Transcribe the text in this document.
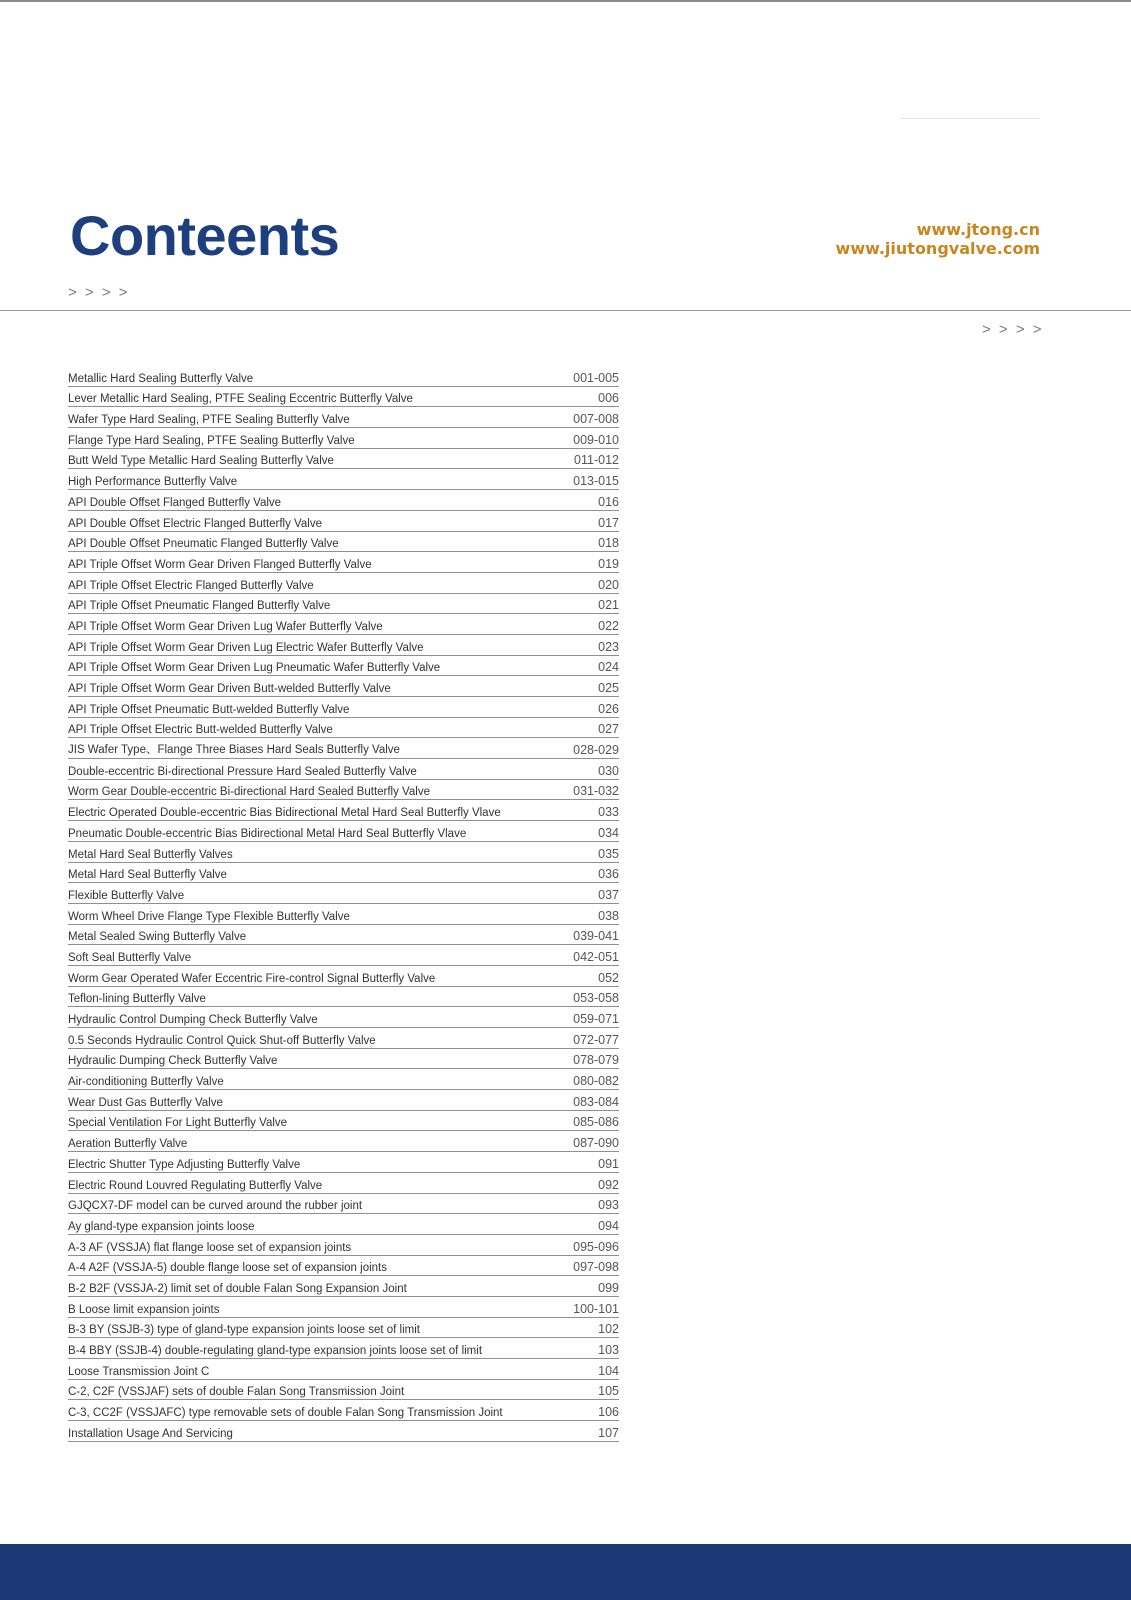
Conteents	www.jtong.cn
www.jiutongvalve.com
> > > >
> > > >
Metallic Hard Sealing Butterfly Valve	001-005
Lever Metallic Hard Sealing, PTFE Sealing Eccentric Butterfly Valve	006
Wafer Type Hard Sealing, PTFE Sealing Butterfly Valve	007-008
Flange Type Hard Sealing, PTFE Sealing Butterfly Valve	009-010
Butt Weld Type Metallic Hard Sealing Butterfly Valve	011-012
High Performance Butterfly Valve	013-015
API Double Offset Flanged Butterfly Valve	016
API Double Offset Electric Flanged Butterfly Valve	017
API Double Offset Pneumatic Flanged Butterfly Valve	018
API Triple Offset Worm Gear Driven Flanged Butterfly Valve	019
API Triple Offset Electric Flanged Butterfly Valve	020
API Triple Offset Pneumatic Flanged Butterfly Valve	021
API Triple Offset Worm Gear Driven Lug Wafer Butterfly Valve	022
API Triple Offset Worm Gear Driven Lug Electric Wafer Butterfly Valve	023
API Triple Offset Worm Gear Driven Lug Pneumatic Wafer Butterfly Valve	024
API Triple Offset Worm Gear Driven Butt-welded Butterfly Valve	025
API Triple Offset Pneumatic Butt-welded Butterfly Valve	026
API Triple Offset Electric Butt-welded Butterfly Valve	027
JIS Wafer Type、Flange Three Biases Hard Seals Butterfly Valve	028-029
Double-eccentric Bi-directional Pressure Hard Sealed Butterfly Valve	030
Worm Gear Double-eccentric Bi-directional Hard Sealed Butterfly Valve	031-032
Electric Operated Double-eccentric Bias Bidirectional Metal Hard Seal Butterfly Vlave	033
Pneumatic Double-eccentric Bias Bidirectional Metal Hard Seal Butterfly Vlave	034
Metal Hard Seal Butterfly Valves	035
Metal Hard Seal Butterfly Valve	036
Flexible Butterfly Valve	037
Worm Wheel Drive Flange Type Flexible Butterfly Valve	038
Metal Sealed Swing Butterfly Valve	039-041
Soft Seal Butterfly Valve	042-051
Worm Gear Operated Wafer Eccentric Fire-control Signal Butterfly Valve	052
Teflon-lining Butterfly Valve	053-058
Hydraulic Control Dumping Check Butterfly Valve	059-071
0.5 Seconds Hydraulic Control Quick Shut-off Butterfly Valve	072-077
Hydraulic Dumping Check Butterfly Valve	078-079
Air-conditioning Butterfly Valve	080-082
Wear Dust Gas Butterfly Valve	083-084
Special Ventilation For Light Butterfly Valve	085-086
Aeration Butterfly Valve	087-090
Electric Shutter Type Adjusting Butterfly Valve	091
Electric Round Louvred Regulating Butterfly Valve	092
GJQCX7-DF model can be curved around the rubber joint	093
Ay gland-type expansion joints loose	094
A-3 AF (VSSJA) flat flange loose set of expansion joints	095-096
A-4 A2F (VSSJA-5) double flange loose set of expansion joints	097-098
B-2 B2F (VSSJA-2) limit set of double Falan Song Expansion Joint	099
B Loose limit expansion joints	100-101
B-3 BY (SSJB-3) type of gland-type expansion joints loose set of limit	102
B-4 BBY (SSJB-4) double-regulating gland-type expansion joints loose set of limit	103
Loose Transmission Joint C	104
C-2, C2F (VSSJAF) sets of double Falan Song Transmission Joint	105
C-3, CC2F (VSSJAFC) type removable sets of double Falan Song Transmission Joint	106
Installation Usage And Servicing	107
